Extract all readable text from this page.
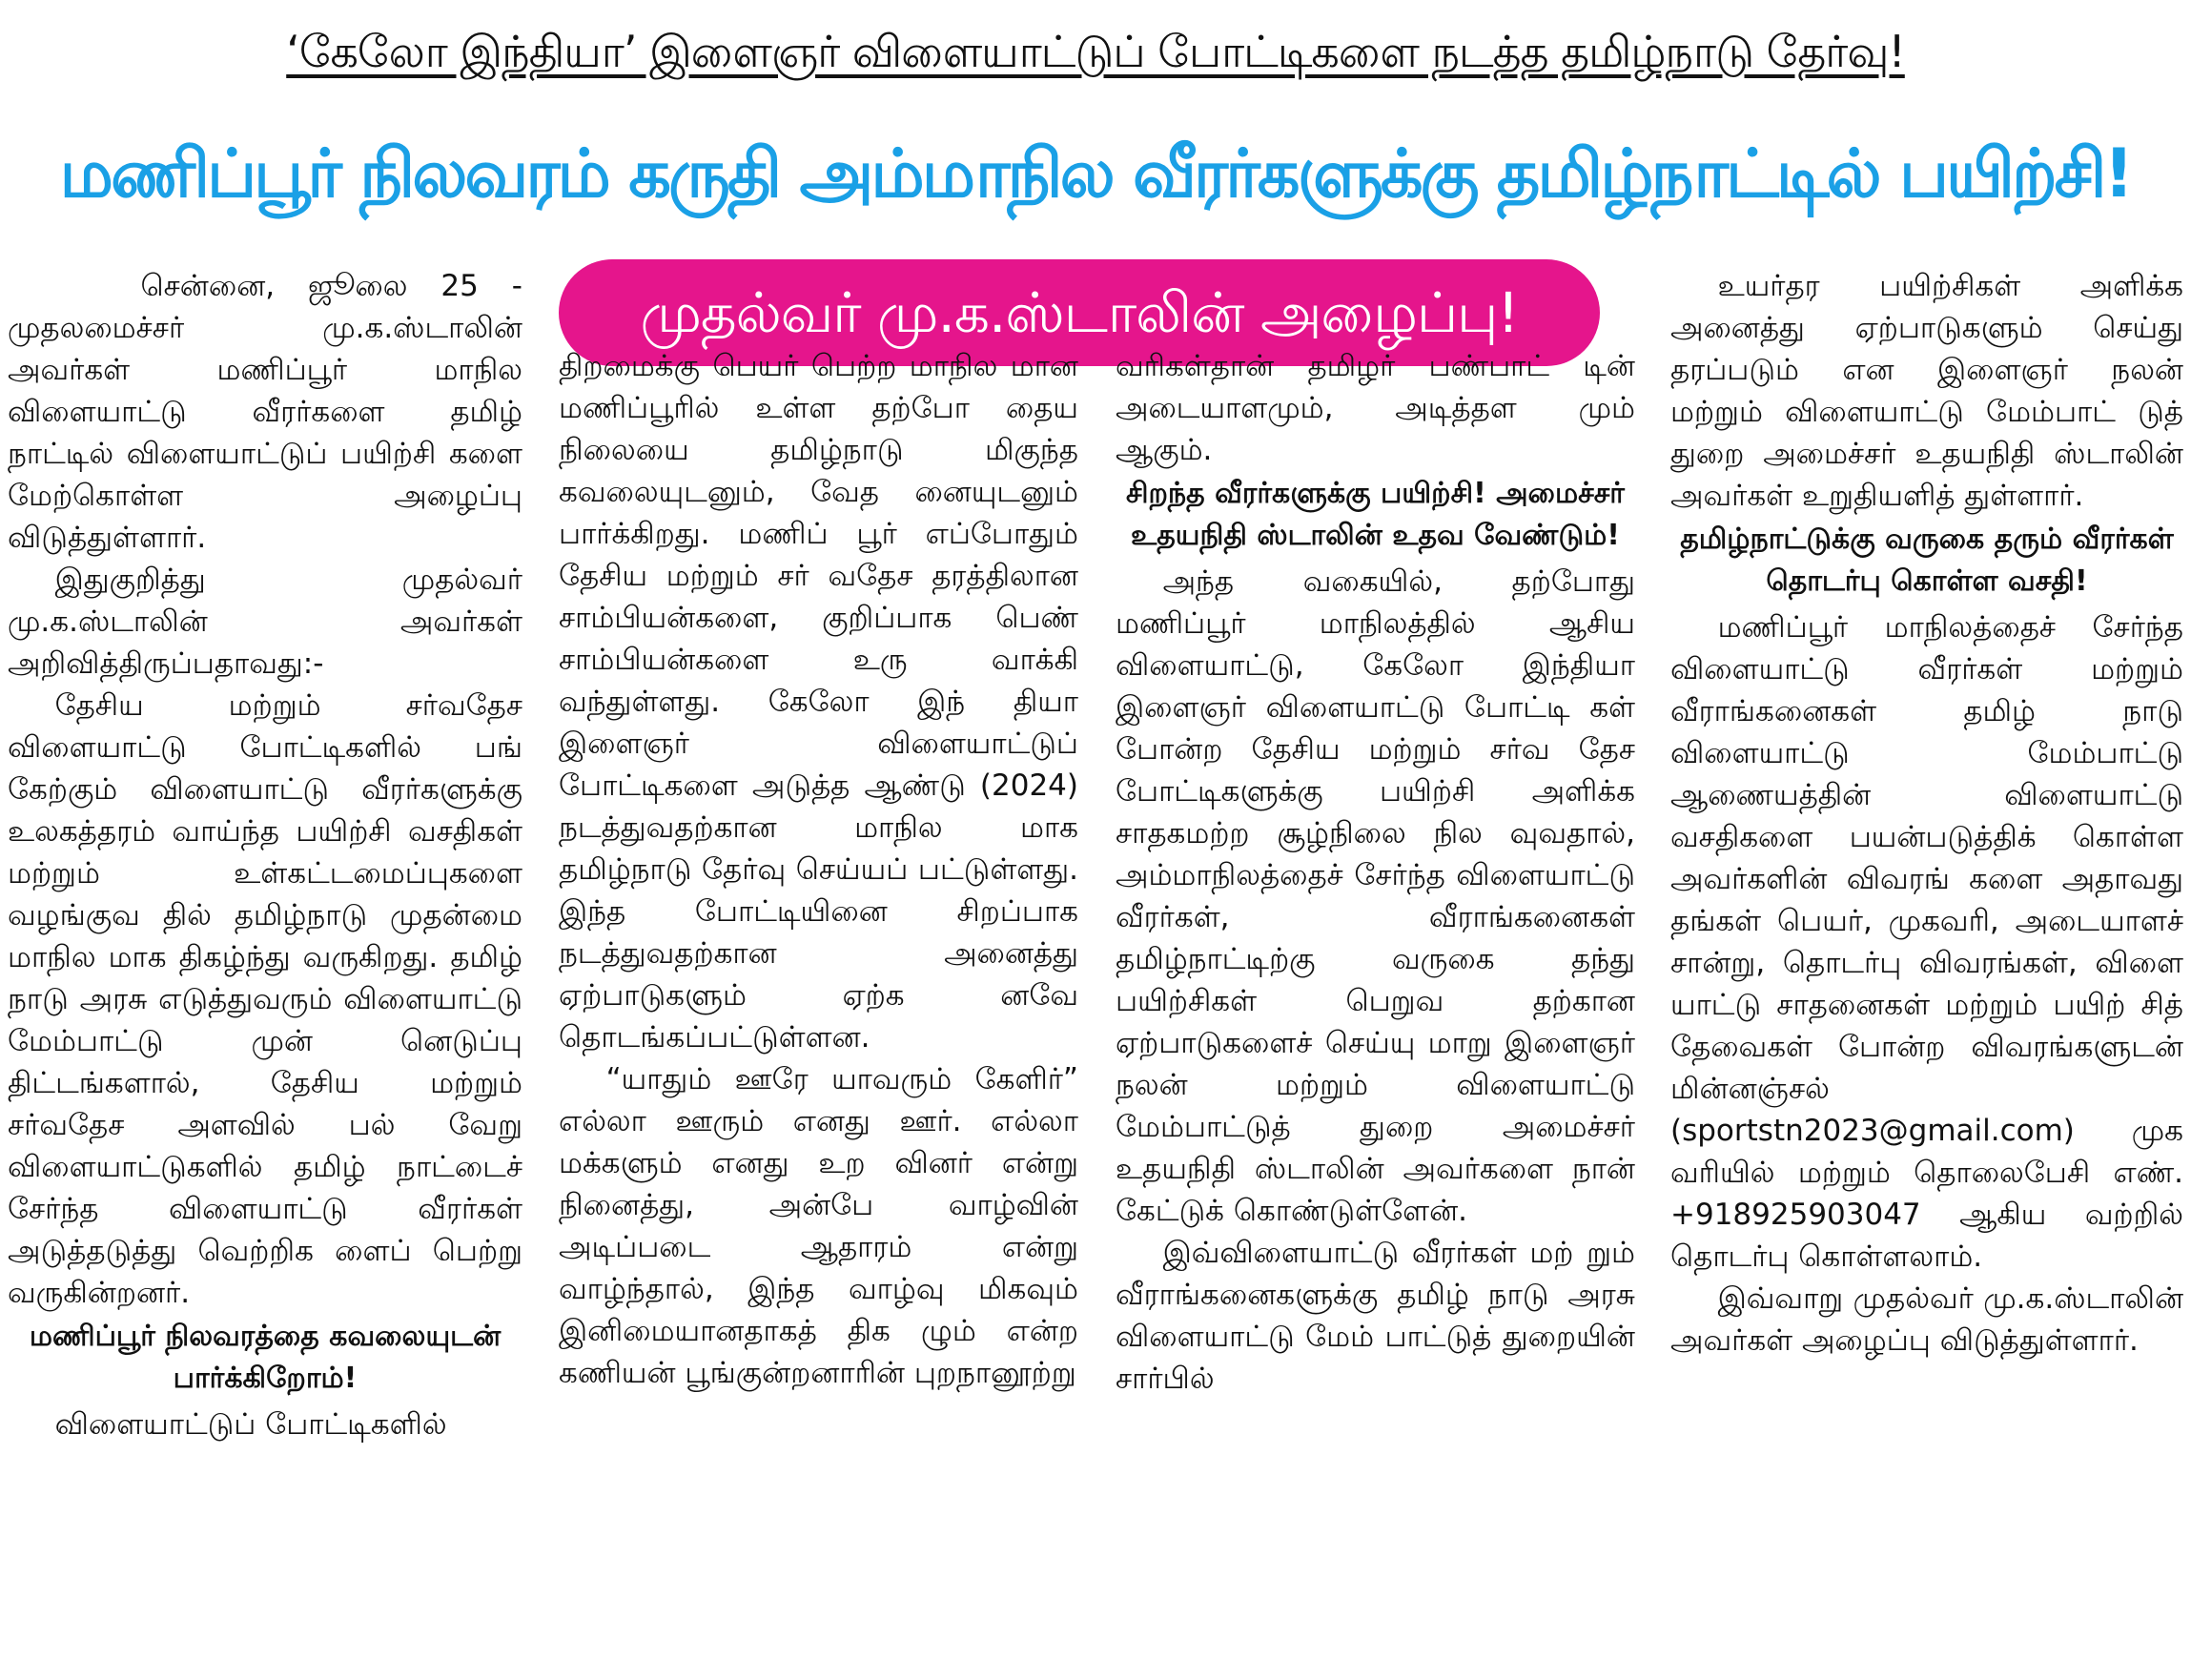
‘கேலோ இந்தியா’ இளைஞர் விளையாட்டுப் போட்டிகளை நடத்த தமிழ்நாடு தேர்வு!
மணிப்பூர் நிலவரம் கருதி அம்மாநில வீரர்களுக்கு தமிழ்நாட்டில் பயிற்சி!

சென்னை, ஜூலை 25 - முதலமைச்சர் மு.க.ஸ்டாலின் அவர்கள் மணிப்பூர் மாநில விளையாட்டு வீரர்களை தமிழ் நாட்டில் விளையாட்டுப் பயிற்சி களை மேற்கொள்ள அழைப்பு விடுத்துள்ளார்.

இதுகுறித்து முதல்வர் மு.க.ஸ்டாலின் அவர்கள் அறிவித்திருப்பதாவது:-

தேசிய மற்றும் சர்வதேச விளையாட்டு போட்டிகளில் பங் கேற்கும் விளையாட்டு வீரர்களுக்கு உலகத்தரம் வாய்ந்த பயிற்சி வசதிகள் மற்றும் உள்கட்டமைப்புகளை வழங்குவ தில் தமிழ்நாடு முதன்மை மாநில மாக திகழ்ந்து வருகிறது. தமிழ் நாடு அரசு எடுத்துவரும் விளையாட்டு மேம்பாட்டு முன் னெடுப்பு திட்டங்களால், தேசிய மற்றும் சர்வதேச அளவில் பல் வேறு விளையாட்டுகளில் தமிழ் நாட்டைச் சேர்ந்த விளையாட்டு வீரர்கள் அடுத்தடுத்து வெற்றிக ளைப் பெற்று வருகின்றனர்.

மணிப்பூர் நிலவரத்தை கவலையுடன் பார்க்கிறோம்!

விளையாட்டுப் போட்டிகளில்

முதல்வர் மு.க.ஸ்டாலின் அழைப்பு!

திறமைக்கு பெயர் பெற்ற மாநில மான மணிப்பூரில் உள்ள தற்போ தைய நிலையை தமிழ்நாடு மிகுந்த கவலையுடனும், வேத னையுடனும் பார்க்கிறது. மணிப் பூர் எப்போதும் தேசிய மற்றும் சர் வதேச தரத்திலான சாம்பியன்களை, குறிப்பாக பெண் சாம்பியன்களை உரு வாக்கி வந்துள்ளது. கேலோ இந் தியா இளைஞர் விளையாட்டுப் போட்டிகளை அடுத்த ஆண்டு (2024) நடத்துவதற்கான மாநில மாக தமிழ்நாடு தேர்வு செய்யப் பட்டுள்ளது. இந்த போட்டியினை சிறப்பாக நடத்துவதற்கான அனைத்து ஏற்பாடுகளும் ஏற்க னவே தொடங்கப்பட்டுள்ளன.

“யாதும் ஊரே யாவரும் கேளிர்” எல்லா ஊரும் எனது ஊர். எல்லா மக்களும் எனது உற வினர் என்று நினைத்து, அன்பே வாழ்வின் அடிப்படை ஆதாரம் என்று வாழ்ந்தால், இந்த வாழ்வு மிகவும் இனிமையானதாகத் திக ழும் என்ற கணியன் பூங்குன்றனாரின் புறநானூற்று

வரிகள்தான் தமிழர் பண்பாட் டின் அடையாளமும், அடித்தள மும் ஆகும்.

சிறந்த வீரர்களுக்கு பயிற்சி! அமைச்சர் உதயநிதி ஸ்டாலின் உதவ வேண்டும்!

அந்த வகையில், தற்போது மணிப்பூர் மாநிலத்தில் ஆசிய விளையாட்டு, கேலோ இந்தியா இளைஞர் விளையாட்டு போட்டி கள் போன்ற தேசிய மற்றும் சர்வ தேச போட்டிகளுக்கு பயிற்சி அளிக்க சாதகமற்ற சூழ்நிலை நில வுவதால், அம்மாநிலத்தைச் சேர்ந்த விளையாட்டு வீரர்கள், வீராங்கனைகள் தமிழ்நாட்டிற்கு வருகை தந்து பயிற்சிகள் பெறுவ தற்கான ஏற்பாடுகளைச் செய்யு மாறு இளைஞர் நலன் மற்றும் விளையாட்டு மேம்பாட்டுத் துறை அமைச்சர் உதயநிதி ஸ்டாலின் அவர்களை நான் கேட்டுக் கொண்டுள்ளேன்.

இவ்விளையாட்டு வீரர்கள் மற் றும் வீராங்கனைகளுக்கு தமிழ் நாடு அரசு விளையாட்டு மேம் பாட்டுத் துறையின் சார்பில்

உயர்தர பயிற்சிகள் அளிக்க அனைத்து ஏற்பாடுகளும் செய்து தரப்படும் என இளைஞர் நலன் மற்றும் விளையாட்டு மேம்பாட் டுத் துறை அமைச்சர் உதயநிதி ஸ்டாலின் அவர்கள் உறுதியளித் துள்ளார்.

தமிழ்நாட்டுக்கு வருகை தரும் வீரர்கள் தொடர்பு கொள்ள வசதி!

மணிப்பூர் மாநிலத்தைச் சேர்ந்த விளையாட்டு வீரர்கள் மற்றும் வீராங்கனைகள் தமிழ் நாடு விளையாட்டு மேம்பாட்டு ஆணையத்தின் விளையாட்டு வசதிகளை பயன்படுத்திக் கொள்ள அவர்களின் விவரங் களை அதாவது தங்கள் பெயர், முகவரி, அடையாளச் சான்று, தொடர்பு விவரங்கள், விளை யாட்டு சாதனைகள் மற்றும் பயிற் சித் தேவைகள் போன்ற விவரங்களுடன் மின்னஞ்சல் (sportstn2023@gmail.com) முக வரியில் மற்றும் தொலைபேசி எண். +918925903047 ஆகிய வற்றில் தொடர்பு கொள்ளலாம்.

இவ்வாறு முதல்வர் மு.க.ஸ்டாலின் அவர்கள் அழைப்பு விடுத்துள்ளார்.
